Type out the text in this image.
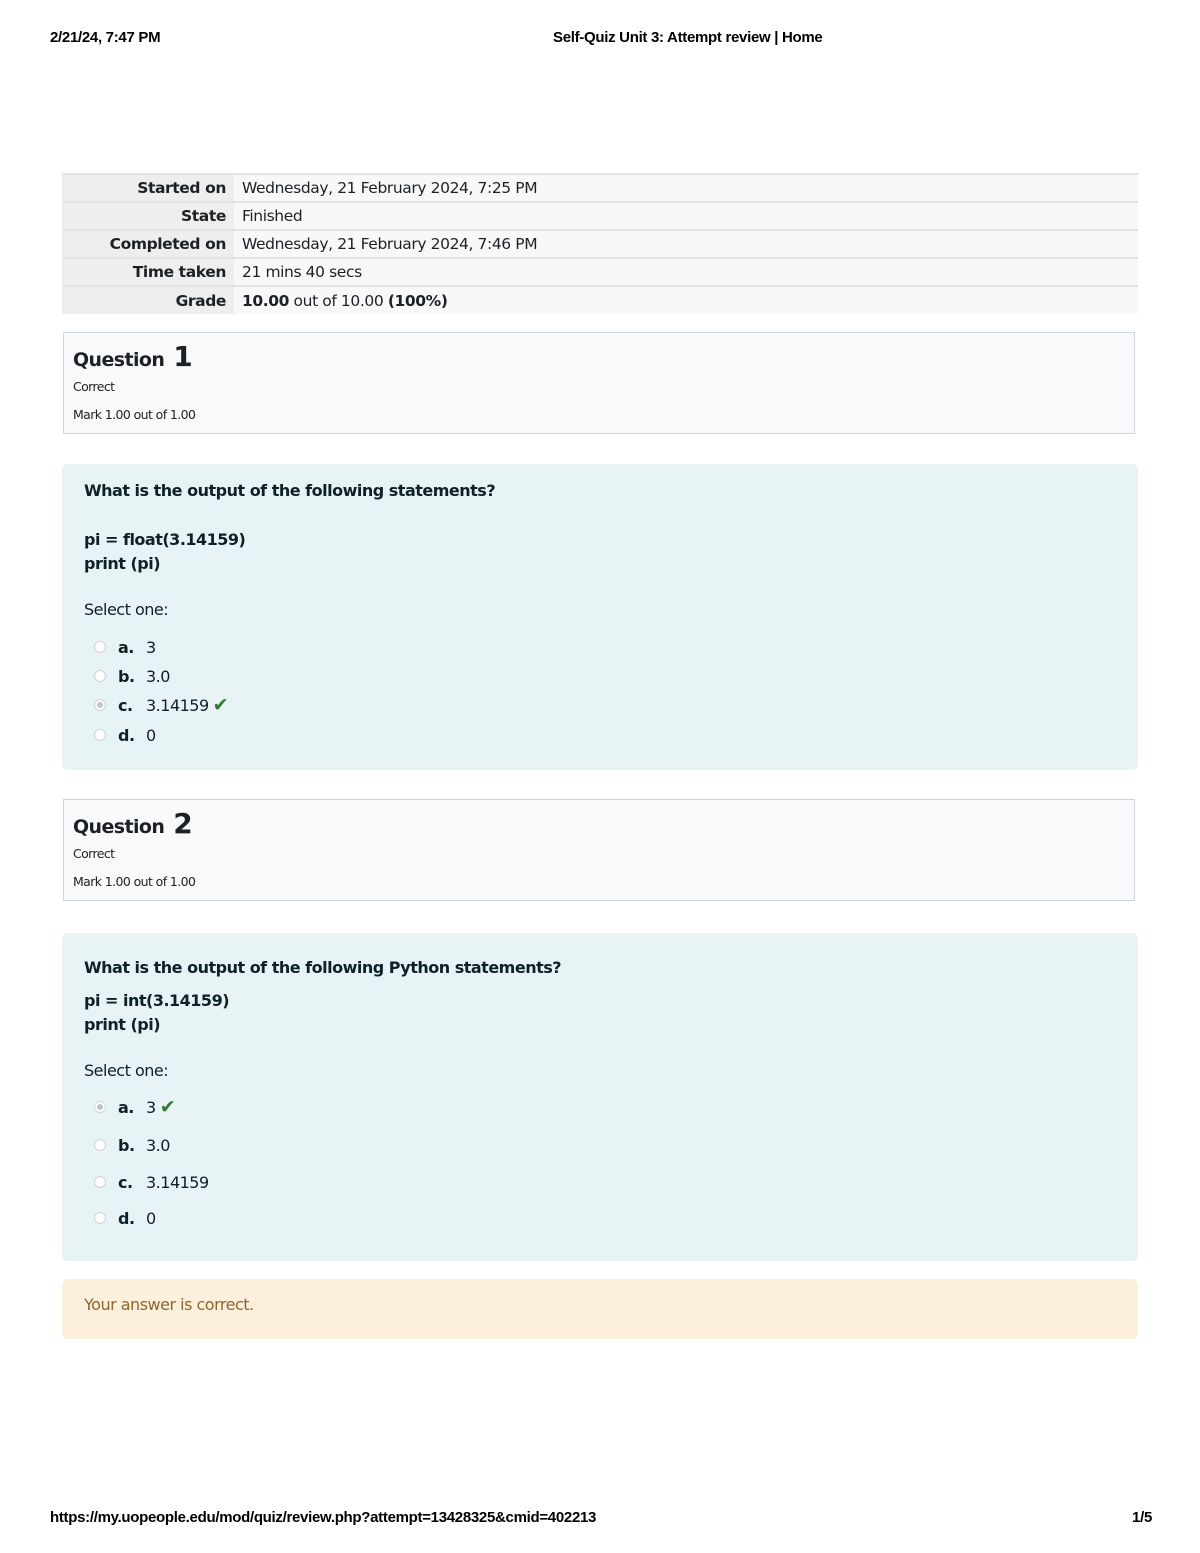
2/21/24, 7:47 PM	Self-Quiz Unit 3: Attempt review | Home
Started on	Wednesday, 21 February 2024, 7:25 PM
State	Finished
Completed on	Wednesday, 21 February 2024, 7:46 PM
Time taken	21 mins 40 secs
Grade	10.00 out of 10.00 (100%)
Question 1
Correct
Mark 1.00 out of 1.00
What is the output of the following statements?
pi = float(3.14159)
print (pi)
Select one:
a. 3
b. 3.0
c. 3.14159 ✔
d. 0
Question 2
Correct
Mark 1.00 out of 1.00
What is the output of the following Python statements?
pi = int(3.14159)
print (pi)
Select one:
a. 3 ✔
b. 3.0
c. 3.14159
d. 0
Your answer is correct.
https://my.uopeople.edu/mod/quiz/review.php?attempt=13428325&cmid=402213	1/5
